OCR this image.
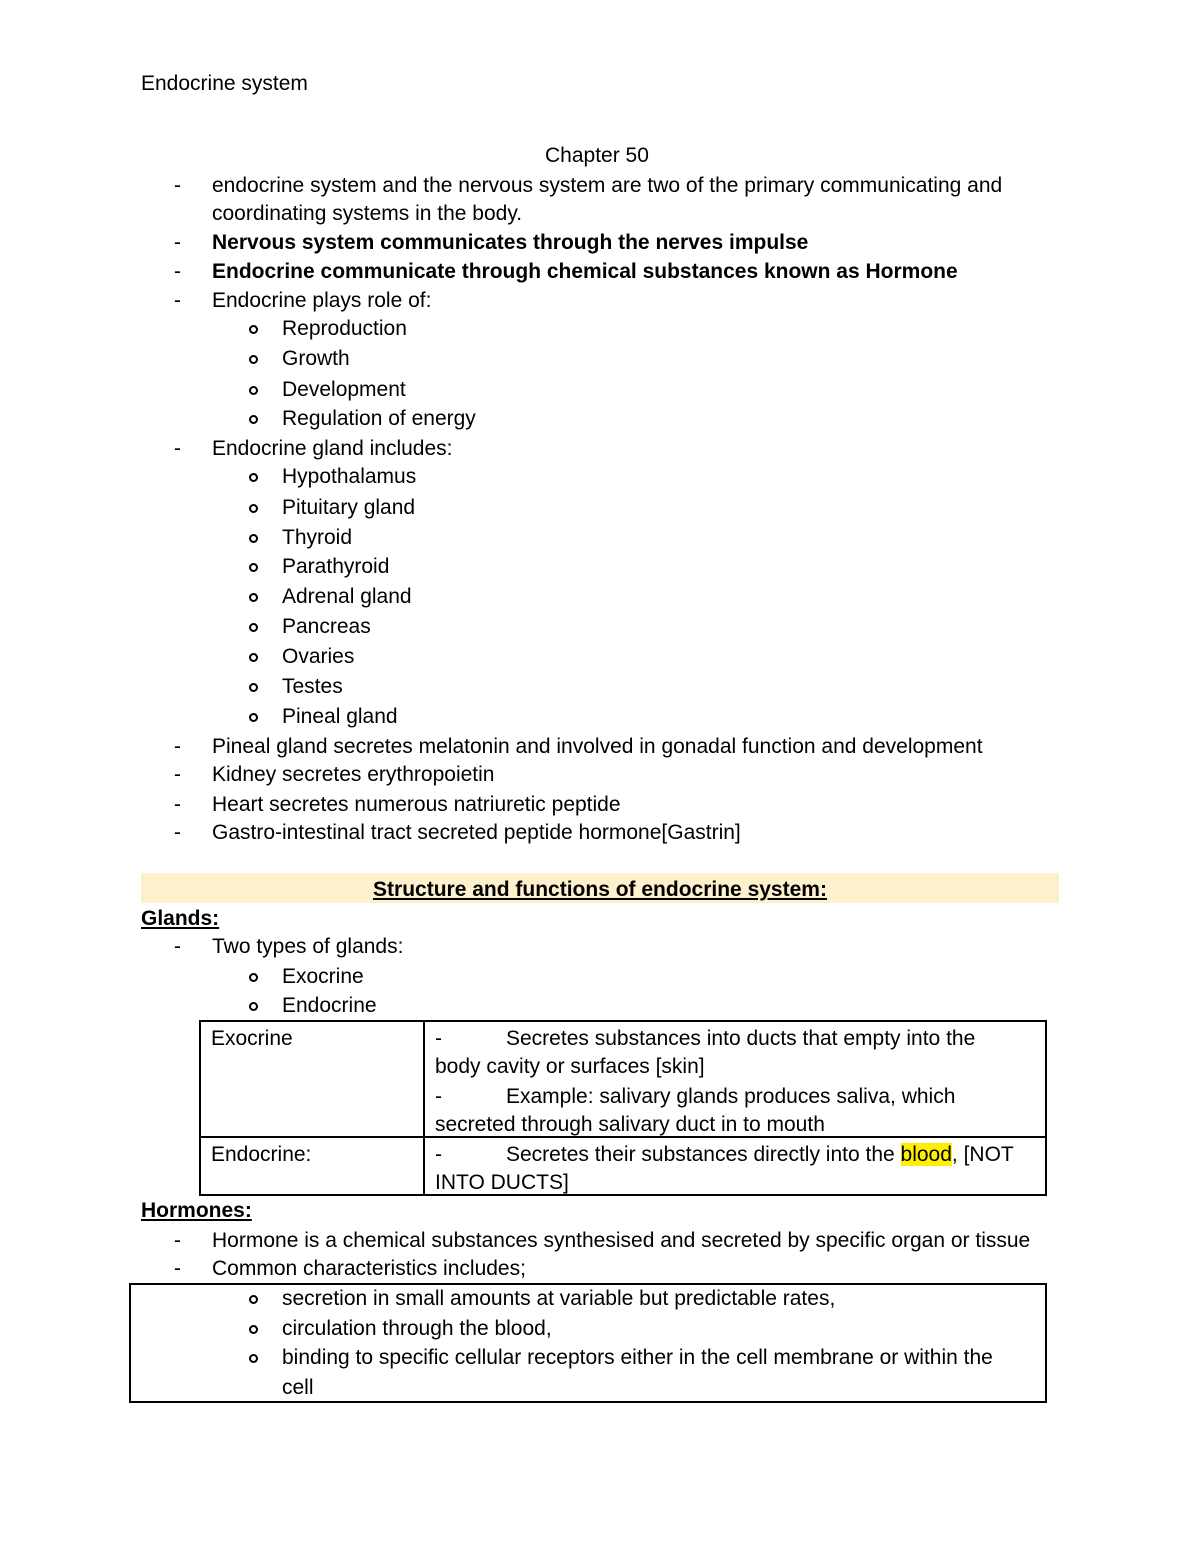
Endocrine system
Chapter 50
-	endocrine system and the nervous system are two of the primary communicating and
coordinating systems in the body.
-	Nervous system communicates through the nerves impulse
-	Endocrine communicate through chemical substances known as Hormone
-	Endocrine plays role of:
Reproduction
Growth
Development
Regulation of energy
-	Endocrine gland includes:
Hypothalamus
Pituitary gland
Thyroid
Parathyroid
Adrenal gland
Pancreas
Ovaries
Testes
Pineal gland
-	Pineal gland secretes melatonin and involved in gonadal function and development
-	Kidney secretes erythropoietin
-	Heart secretes numerous natriuretic peptide
-	Gastro-intestinal tract secreted peptide hormone[Gastrin]
Structure and functions of endocrine system:
Glands:
-	Two types of glands:
Exocrine
Endocrine
Exocrine	-	Secretes substances into ducts that empty into the
body cavity or surfaces [skin]
-	Example: salivary glands produces saliva, which
secreted through salivary duct in to mouth
Endocrine:	-	Secretes their substances directly into the blood, [NOT
INTO DUCTS]
Hormones:
-	Hormone is a chemical substances synthesised and secreted by specific organ or tissue
-	Common characteristics includes;
secretion in small amounts at variable but predictable rates,
circulation through the blood,
binding to specific cellular receptors either in the cell membrane or within the
cell
